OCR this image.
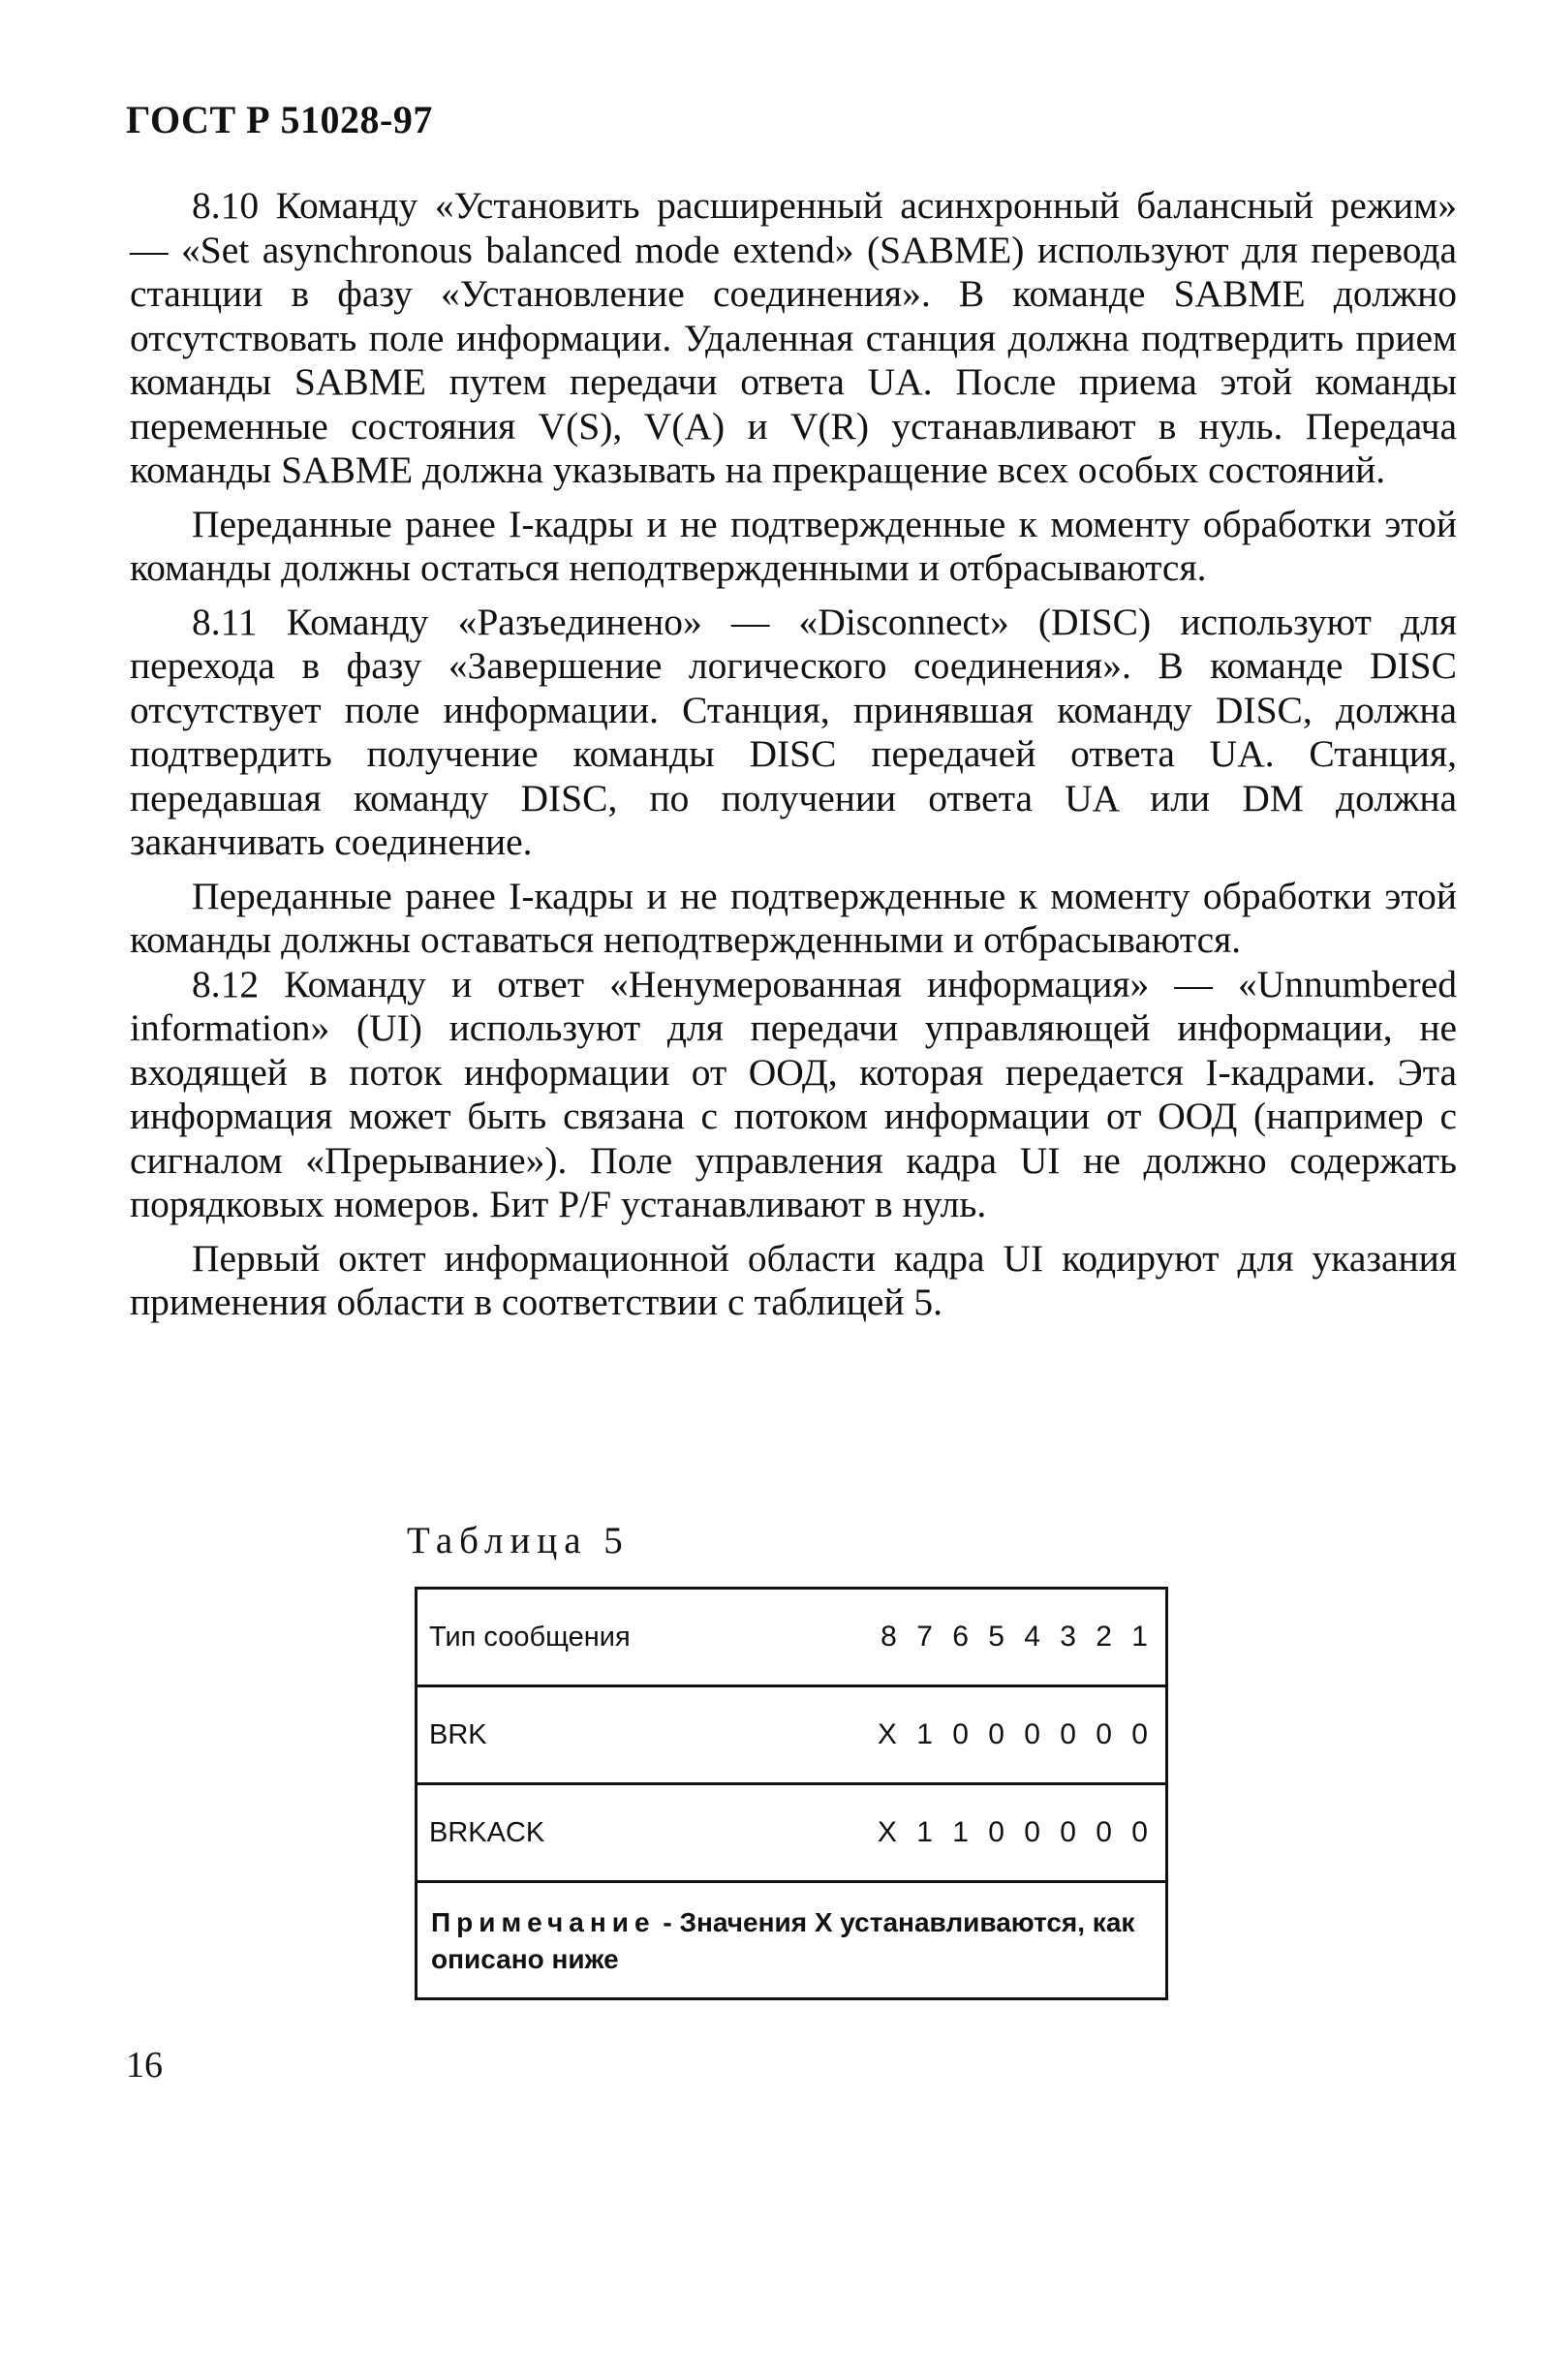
ГОСТ Р 51028-97

8.10 Команду «Установить расширенный асинхронный балансный режим» — «Set asynchronous balanced mode extend» (SABME) используют для перевода станции в фазу «Установление соединения». В команде SABME должно отсутствовать поле информации. Удаленная станция должна подтвердить прием команды SABME путем передачи ответа UA. После приема этой команды переменные состояния V(S), V(A) и V(R) устанавливают в нуль. Передача команды SABME должна указывать на прекращение всех особых состояний.

Переданные ранее I-кадры и не подтвержденные к моменту обработки этой команды должны остаться неподтвержденными и отбрасываются.

8.11 Команду «Разъединено» — «Disconnect» (DISC) используют для перехода в фазу «Завершение логического соединения». В команде DISC отсутствует поле информации. Станция, принявшая команду DISC, должна подтвердить получение команды DISC передачей ответа UA. Станция, передавшая команду DISC, по получении ответа UA или DM должна заканчивать соединение.

Переданные ранее I-кадры и не подтвержденные к моменту обработки этой команды должны оставаться неподтвержденными и отбрасываются.

8.12 Команду и ответ «Ненумерованная информация» — «Unnumbered information» (UI) используют для передачи управляющей информации, не входящей в поток информации от ООД, которая передается I-кадрами. Эта информация может быть связана с потоком информации от ООД (например с сигналом «Прерывание»). Поле управления кадра UI не должно содержать порядковых номеров. Бит P/F устанавливают в нуль.

Первый октет информационной области кадра UI кодируют для указания применения области в соответствии с таблицей 5.

Таблица 5
Тип сообщения	8 7 6 5 4 3 2 1
BRK	X 1 0 0 0 0 0 0
BRKACK	X 1 1 0 0 0 0 0
Примечание - Значения X устанавливаются, как описано ниже
16
